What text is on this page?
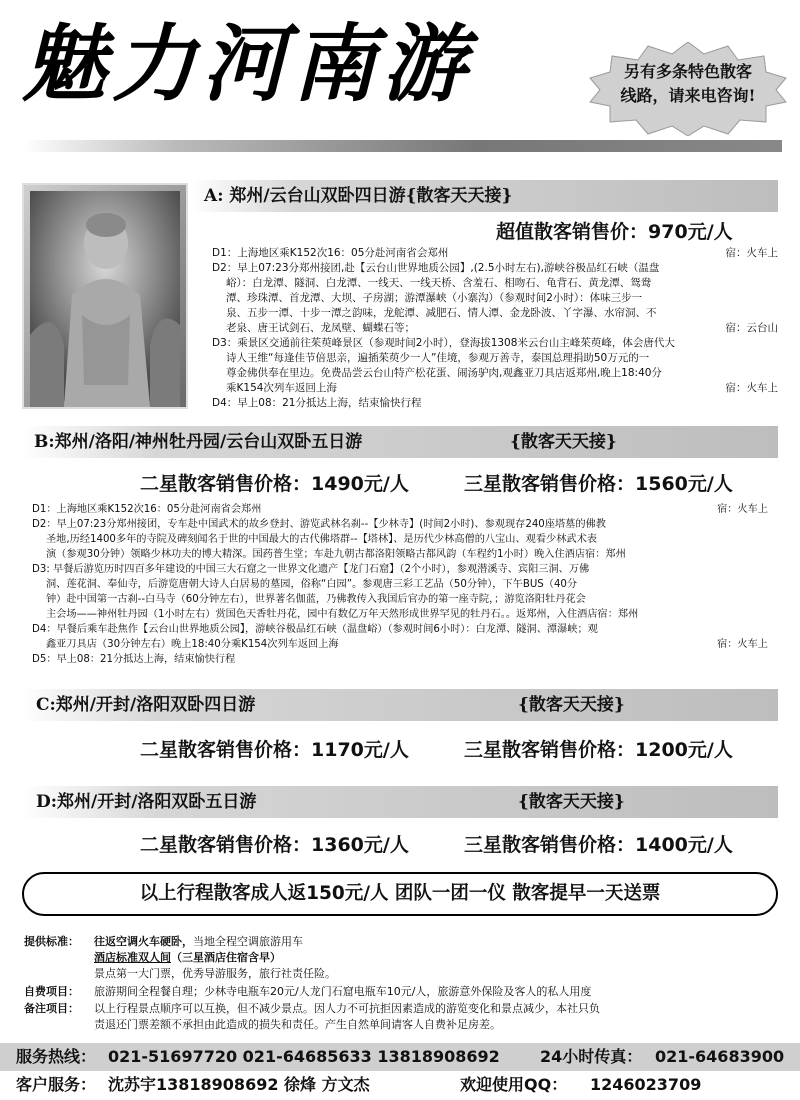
魅力河南游	另有多条特色散客
线路，请来电咨询!
A: 郑州/云台山双卧四日游{散客天天接}
超值散客销售价：970元/人
D1：上海地区乘K152次16：05分赴河南省会郑州	宿：火车上
D2：早上07:23分郑州接团,赴【云台山世界地质公园】,(2.5小时左右),游峡谷极品红石峡（温盘
峪）：白龙潭、隧洞、白龙潭、一线天、一线天桥、含羞石、相吻石、龟背石、黄龙潭、鸳鸯
潭、珍珠潭、首龙潭、大坝、子房湖；游潭瀑峡（小寨沟）（参观时间2小时）：体味三步一
泉、五步一潭、十步一潭之韵味，龙舵潭、减肥石、情人潭、金龙卧波、丫字瀑、水帘洞、不
老泉、唐王试剑石、龙凤壁、蝴蝶石等；	宿：云台山
D3：乘景区交通前往茱萸峰景区（参观时间2小时），登海拔1308米云台山主峰茱萸峰，体会唐代大
诗人王维“每逢佳节倍思亲，遍插茱萸少一人”佳境，参观万善寺，泰国总理捐助50万元的一
尊金佛供奉在里边。免费品尝云台山特产松花蛋、闹汤驴肉,观鑫亚刀具店返郑州,晚上18:40分
乘K154次列车返回上海	宿：火车上
D4：早上08：21分抵达上海，结束愉快行程
B:郑州/洛阳/神州牡丹园/云台山双卧五日游	{散客天天接}
二星散客销售价格：1490元/人	三星散客销售价格：1560元/人
D1：上海地区乘K152次16：05分赴河南省会郑州	宿：火车上
D2：早上07:23分郑州接团，专车赴中国武术的故乡登封、游览武林名刹--【少林寺】(时间2小时)、参观现存240座塔墓的佛教
圣地,历经1400多年的寺院及碑刻闻名于世的中国最大的古代佛塔群--【塔林】、是历代少林高僧的八宝山、观看少林武术表
演（参观30分钟）领略少林功夫的博大精深。国药普生堂；车赴九朝古都洛阳领略古都风韵（车程约1小时）晚入住酒店宿：郑州
D3: 早餐后游览历时四百多年建设的中国三大石窟之一世界文化遗产【龙门石窟】（2个小时），参观潜溪寺、宾阳三洞、万佛
洞、莲花洞、奉仙寺，后游览唐朝大诗人白居易的墓园，俗称“白园”。参观唐三彩工艺品（50分钟），下午BUS（40分
钟）赴中国第一古刹--白马寺（60分钟左右），世界著名伽蓝，乃佛教传入我国后官办的第一座寺院，；游览洛阳牡丹花会
主会场——神州牡丹园（1小时左右）赏国色天香牡丹花，园中有数亿万年天然形成世界罕见的牡丹石。。返郑州，入住酒店宿：郑州
D4：早餐后乘车赴焦作【云台山世界地质公园】，游峡谷极品红石峡（温盘峪）（参观时间6小时）：白龙潭、隧洞、潭瀑峡；观
鑫亚刀具店（30分钟左右）晚上18:40分乘K154次列车返回上海	宿：火车上
D5：早上08：21分抵达上海，结束愉快行程
C:郑州/开封/洛阳双卧四日游	{散客天天接}
二星散客销售价格：1170元/人	三星散客销售价格：1200元/人
D:郑州/开封/洛阳双卧五日游	{散客天天接}
二星散客销售价格：1360元/人	三星散客销售价格：1400元/人
以上行程散客成人返150元/人 团队一团一仪 散客提早一天送票
提供标准： 往返空调火车硬卧，当地全程空调旅游用车
酒店标准双人间（三星酒店住宿含早）
景点第一大门票，优秀导游服务，旅行社责任险。
自费项目： 旅游期间全程餐自理；少林寺电瓶车20元/人龙门石窟电瓶车10元/人，旅游意外保险及客人的私人用度
备注项目： 以上行程景点顺序可以互换，但不减少景点。因人力不可抗拒因素造成的游览变化和景点减少，本社只负
责退还门票差额不承担由此造成的损失和责任。产生自然单间请客人自费补足房差。
服务热线： 021-51697720 021-64685633 13818908692	24小时传真： 021-64683900
客户服务： 沈苏宇13818908692 徐烽 方文杰	欢迎使用QQ： 1246023709
